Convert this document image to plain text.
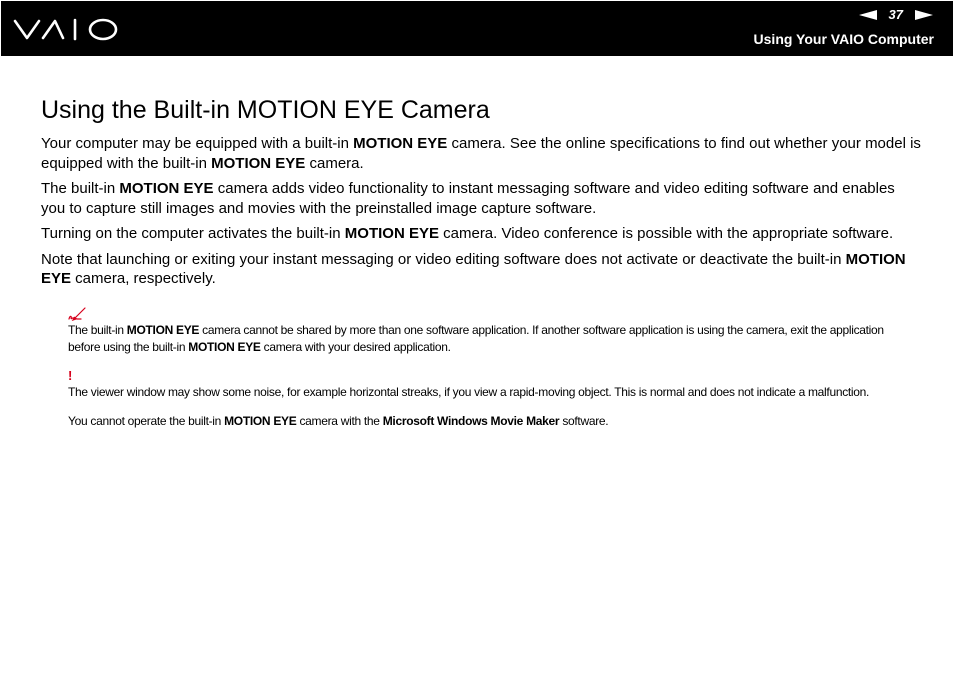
37
Using Your VAIO Computer
Using the Built-in MOTION EYE Camera

Your computer may be equipped with a built-in MOTION EYE camera. See the online specifications to find out whether your model is equipped with the built-in MOTION EYE camera.

The built-in MOTION EYE camera adds video functionality to instant messaging software and video editing software and enables you to capture still images and movies with the preinstalled image capture software.

Turning on the computer activates the built-in MOTION EYE camera. Video conference is possible with the appropriate software.

Note that launching or exiting your instant messaging or video editing software does not activate or deactivate the built-in MOTION EYE camera, respectively.

The built-in MOTION EYE camera cannot be shared by more than one software application. If another software application is using the camera, exit the application before using the built-in MOTION EYE camera with your desired application.

!

The viewer window may show some noise, for example horizontal streaks, if you view a rapid-moving object. This is normal and does not indicate a malfunction.

You cannot operate the built-in MOTION EYE camera with the Microsoft Windows Movie Maker software.
